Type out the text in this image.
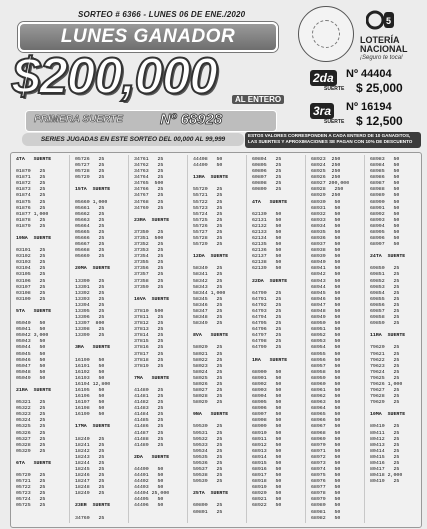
SORTEO # 6366 - LUNES 06 DE ENE./2020
LUNES GANADOR
$200,000	AL ENTERO
PRIMERA SUERTE Nº 68928
5
LOTERÍA
NACIONAL
¡Seguro te toca!
2da
SUERTE
Nº 44404
$ 25,000
3ra
SUERTE
Nº 16194
$ 12,500
SERIES JUGADAS EN ESTE SORTEO DEL 00,000 AL 99,999
ESTOS VALORES CORRESPONDEN A CADA ENTERO DE 10 GANADITOS, LAS SUERTES Y APROXIMACIONES SE PAGAN CON 10% DE DESCUENTO
4TA   SUERTE

01870   25
01871   25
01872   25
01873   25
01874   25
01875   25
01876   25
01877 1,000
01878   25
01879   25

19NA  SUERTE

03101   25
03102   25
03103   25
03104   25
03105   25
03106   25
03107   25
03108   25
03109   25

5TA   SUERTE

05040   50
05041   50
05042 3,000
05043   50
05044   50
05045   50
05046   50
05047   50
05048   50
05049   50

21RA  SUERTE

05321   25
05322   25
05323   25
05324   25
05325   25
05326   25
05327   25
05328   25
05329   25

6TA   SUERTE

05720   25
05721   25
05722   25
05723   25
05724   25
05725   25
05726   25
05727   25
05728   25
05729   25

15TA  SUERTE

05660 1,000
05661   25
05662   25
05663   25
05664   25
05665   25
05666   25
05667   25
05668   25
05669   25

20MA  SUERTE

13390   25
13391   25
13392   25
13393   25
13394   25
13395   25
13396   25
13397  800
13398   25
13399   25

3RA   SUERTE

16190   50
16191   50
16192   50
16193   50
16194 12,800
16195   50
16196   50
16197   50
16198   50
16199   50

17MA  SUERTE

18240   25
18241   25
18242   25
18243   25
18244   25
18245   25
18246   25
18247   25
18248   25
18249   25

23ER  SUERTE

34760   25
34761   25
34762   25
34763   25
34764   25
34765  500
34766   25
34767   25
34768   25
34769   25

23RA  SUERTE

37350   25
37351  500
37352   25
37353   25
37354   25
37355   25
37356   25
37357   25
37358   25
37359   25

16VA  SUERTE

37810  500
37811   25
37812   25
37813   25
37814   25
37815   25
37816   25
37817   25
37818   25
37819   25

7MA   SUERTE

41480   25
41481   25
41482   25
41483   25
41484   25
41485   25
41486   25
41487   25
41488   25
41489   25

2DA   SUERTE

44400   50
44401   50
44402   50
44403   50
44404 25,000
44405   50
44406   50
44408   50
44409   50

13RA  SUERTE

55720   25
55721   25
55722   25
55723   25
55724   25
55725   25
55726   25
55727   25
55728   25
55729   25

12DA  SUERTE

58340   25
58341   25
58342   25
58343   25
58344 1,000
58345   25
58346   25
58347   25
58348   25
58349   25

8VA   SUERTE

58020   25
58021   25
58022   25
58023   25
58024   25
58025   25
58026   25
58027   25
58028   25
58029   25

9NA   SUERTE

59530   25
59531   25
59532   25
59533   25
59534   25
59535   25
59536   25
59537   25
59538   25
59539   25

25TA  SUERTE

60800   25
60801   25
60804   25
60805   25
60806   25
60807   25
60808   25
60809   25

4TA   SUERTE

62130   50
62131   50
62132   50
62133   50
62134   50
62135   50
62136   50
62137   50
62138   50
62139   50

22DA  SUERTE

64790   25
64791   25
64792   25
64793   25
64794   25
64795   25
64796   25
64797   25
64798   25
64799   25

1RA   SUERTE

68900   50
68901   50
68902   50
68903   50
68904   50
68905   50
68906   50
68907   50
68908   50
68909   50
68910   50
68911   50
68912   50
68913   50
68914   50
68915   50
68916   50
68917   50
68918   50
68919   50
68920   50
68921   50
68922   50
68923  250
68924  250
68925  250
68926  250
68927 200,000
68928   250
68929  250
68930   50
68931   50
68932   50
68933   50
68934   50
68935   50
68936   50
68937   50
68938   50
68939   50
68940   50
68941   50
68942   50
68943   50
68944   50
68945   50
68946   50
68947   50
68948   50
68949   50
68950   50
68951   50
68952   50
68953   50
68954   50
68955   50
68956   50
68957   50
68958   50
68959   50
68960   50
68961   50
68962   50
68963   50
68964   50
68965   50
68966   50
68967   50
68968   50
68969   50
68970   50
68971   50
68972   50
68973   50
68974   50
68975   50
68976   50
68977   50
68978   50
68979   50
68980   50
68981   50
68982   50
68983   50
68984   50
68985   50
68986   50
68987   50
68988   50
68989   50
68990   50
68991   50
68992   50
68993   50
68994   50
68995   50
68996   50
68997   50

24TA  SUERTE

69850   25
69851   25
69852   25
69853   25
69854   25
69855   25
69856   25
69857   25
69858   25
69859   25

11RA  SUERTE

79620   25
79621   25
79622   25
79623   25
79624   25
79625   25
79626 1,000
79627   25
79628   25
79629   25

10MA  SUERTE

80410   25
80411   25
80412   25
80413   25
80414   25
80415   25
80416   25
80417   25
80418 2,000
80419   25
